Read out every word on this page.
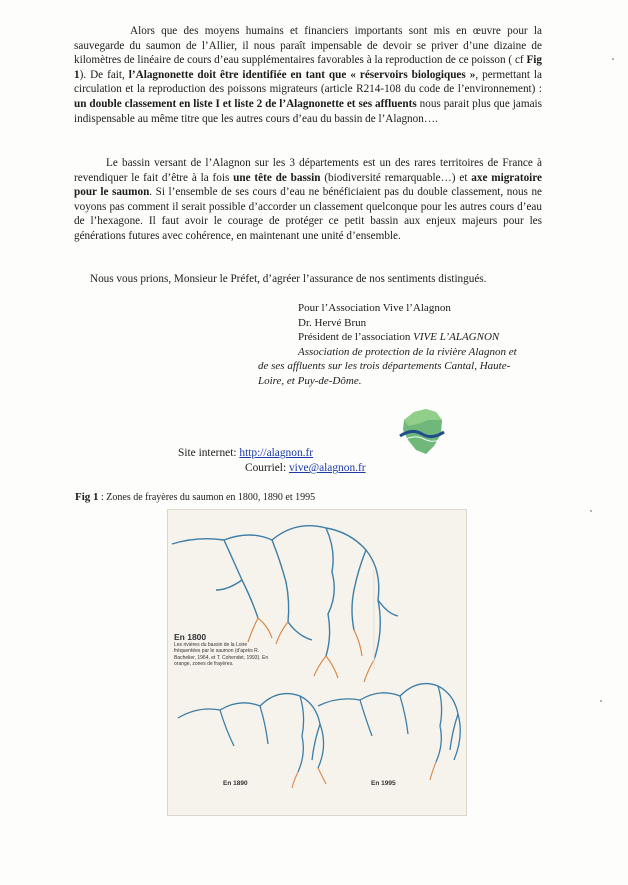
Alors que des moyens humains et financiers importants sont mis en œuvre pour la sauvegarde du saumon de l’Allier, il nous paraît impensable de devoir se priver d’une dizaine de kilomètres de linéaire de cours d’eau supplémentaires favorables à la reproduction de ce poisson ( cf Fig 1). De fait, l’Alagnonette doit être identifiée en tant que « réservoirs biologiques », permettant la circulation et la reproduction des poissons migrateurs (article R214-108 du code de l’environnement) : un double classement en liste I et liste 2 de l’Alagnonette et ses affluents nous parait plus que jamais indispensable au même titre que les autres cours d’eau du bassin de l’Alagnon….

Le bassin versant de l’Alagnon sur les 3 départements est un des rares territoires de France à revendiquer le fait d’être à la fois une tête de bassin (biodiversité remarquable…) et axe migratoire pour le saumon. Si l’ensemble de ses cours d’eau ne bénéficiaient pas du double classement, nous ne voyons pas comment il serait possible d’accorder un classement quelconque pour les autres cours d’eau de l’hexagone. Il faut avoir le courage de protéger ce petit bassin aux enjeux majeurs pour les générations futures avec cohérence, en maintenant une unité d’ensemble.

Nous vous prions, Monsieur le Préfet, d’agréer l’assurance de nos sentiments distingués.

Pour l’Association Vive l’Alagnon
Dr. Hervé Brun
Président de l’association VIVE L’ALAGNON
Association de protection de la rivière Alagnon et
de ses affluents sur les trois départements Cantal, Haute-
Loire, et Puy-de-Dôme.
Site internet: http://alagnon.fr
Courriel: vive@alagnon.fr
Fig 1 : Zones de frayères du saumon en 1800, 1890 et 1995
En 1800
Les rivières du bassin de la Loire fréquentées par le saumon (d'après R. Bachelier, 1964, et T. Cohendet, 1993). En orange, zones de frayères.
En 1890	En 1995
